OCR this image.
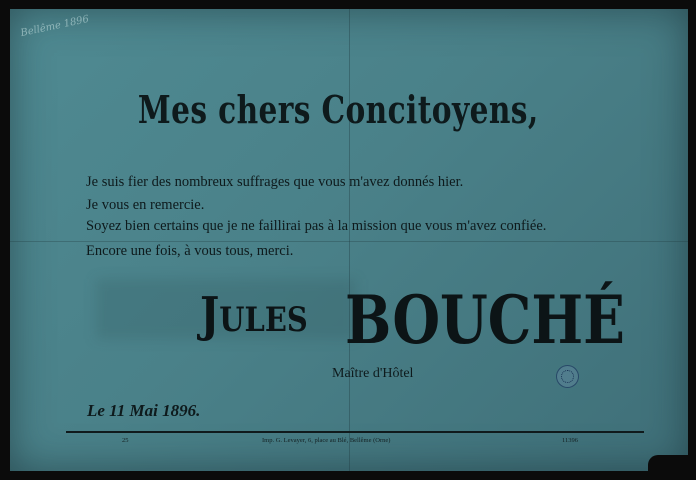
Bellême 1896
Mes chers Concitoyens,
Je suis fier des nombreux suffrages que vous m'avez donnés hier.
Je vous en remercie.
Soyez bien certains que je ne faillirai pas à la mission que vous m'avez confiée.
Encore une fois, à vous tous, merci.
Jules BOUCHÉ
Maître d'Hôtel
Le 11 Mai 1896.
25	Imp. G. Levayer, 6, place au Blé, Bellême (Orne)	11396
